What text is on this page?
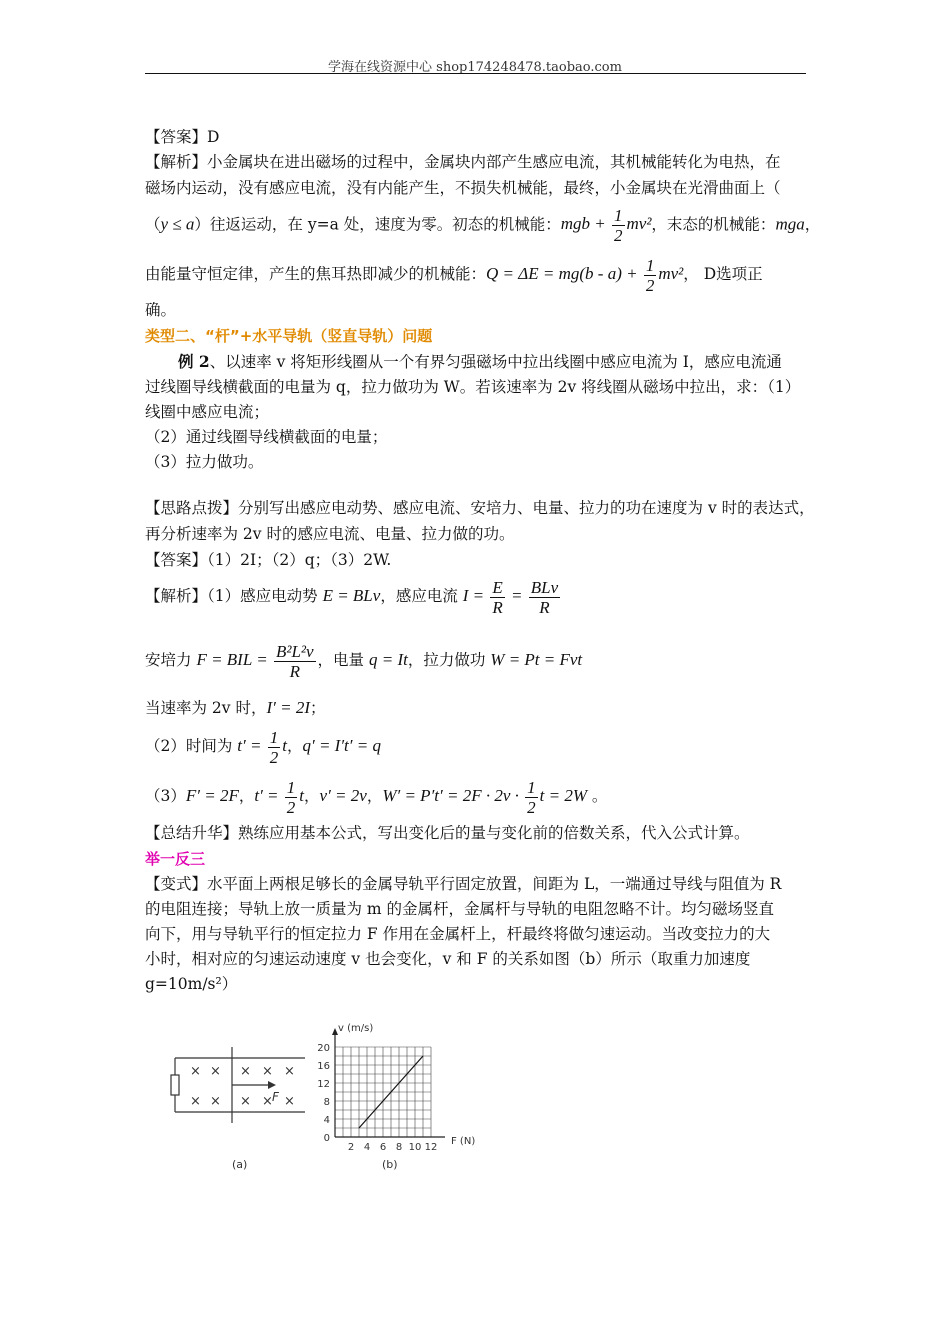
学海在线资源中心 shop174248478.taobao.com
【答案】D
【解析】小金属块在进出磁场的过程中，金属块内部产生感应电流，其机械能转化为电热，在
磁场内运动，没有感应电流，没有内能产生，不损失机械能，最终，小金属块在光滑曲面上（
（y ≤ a）往返运动，在 y=a 处，速度为零。初态的机械能：mgb + $\frac{1}{2} mv^2$，末态的机械能：mga，
由能量守恒定律，产生的焦耳热即减少的机械能：$Q = \Delta E = mg(b - a) + \frac{1}{2} mv^2$， D选项正
确。
类型二、“杆”+水平导轨（竖直导轨）问题
例 2、以速率 v 将矩形线圈从一个有界匀强磁场中拉出线圈中感应电流为 I，感应电流通
过线圈导线横截面的电量为 q，拉力做功为 W。若该速率为 2v 将线圈从磁场中拉出，求：（1）
线圈中感应电流；
（2）通过线圈导线横截面的电量；
（3）拉力做功。
【思路点拨】分别写出感应电动势、感应电流、安培力、电量、拉力的功在速度为 v 时的表达式，
再分析速率为 2v 时的感应电流、电量、拉力做的功。
【答案】（1）2I；（2）q；（3）2W.
【解析】（1）感应电动势 E = BLv，感应电流 $I = \frac{E}{R} = \frac{\text{BLv}}{R}$
安培力 F = BIL = $\frac{\text{B²L²v}}{R}$ ，电量 q = It，拉力做功 W = Pt = Fvt
当速率为 2v 时，I′ = 2I；
（2）时间为 $t' = \frac{1}{2}$ t，q′ = I′t′ = q
（3）F′ = 2F，$t' = \frac{1}{2}$ t，v′ = 2v，$W' = P't' = 2F \cdot 2v \cdot \frac{1}{2}$ t = 2W 。
【总结升华】熟练应用基本公式，写出变化后的量与变化前的倍数关系，代入公式计算。
举一反三
【变式】水平面上两根足够长的金属导轨平行固定放置，间距为 L，一端通过导线与阻值为 R
的电阻连接；导轨上放一质量为 m 的金属杆，金属杆与导轨的电阻忽略不计。均匀磁场竖直
向下，用与导轨平行的恒定拉力 F 作用在金属杆上，杆最终将做匀速运动。当改变拉力的大
小时，相对应的匀速运动速度 v 也会变化，v 和 F 的关系如图（b）所示（取重力加速度
g=10m/s²）
F
× × × × ×
× × × × ×
(a)
v (m/s)
F (N)
(b)
2 4 6 8 10 12
0
4
8
12
16
20
